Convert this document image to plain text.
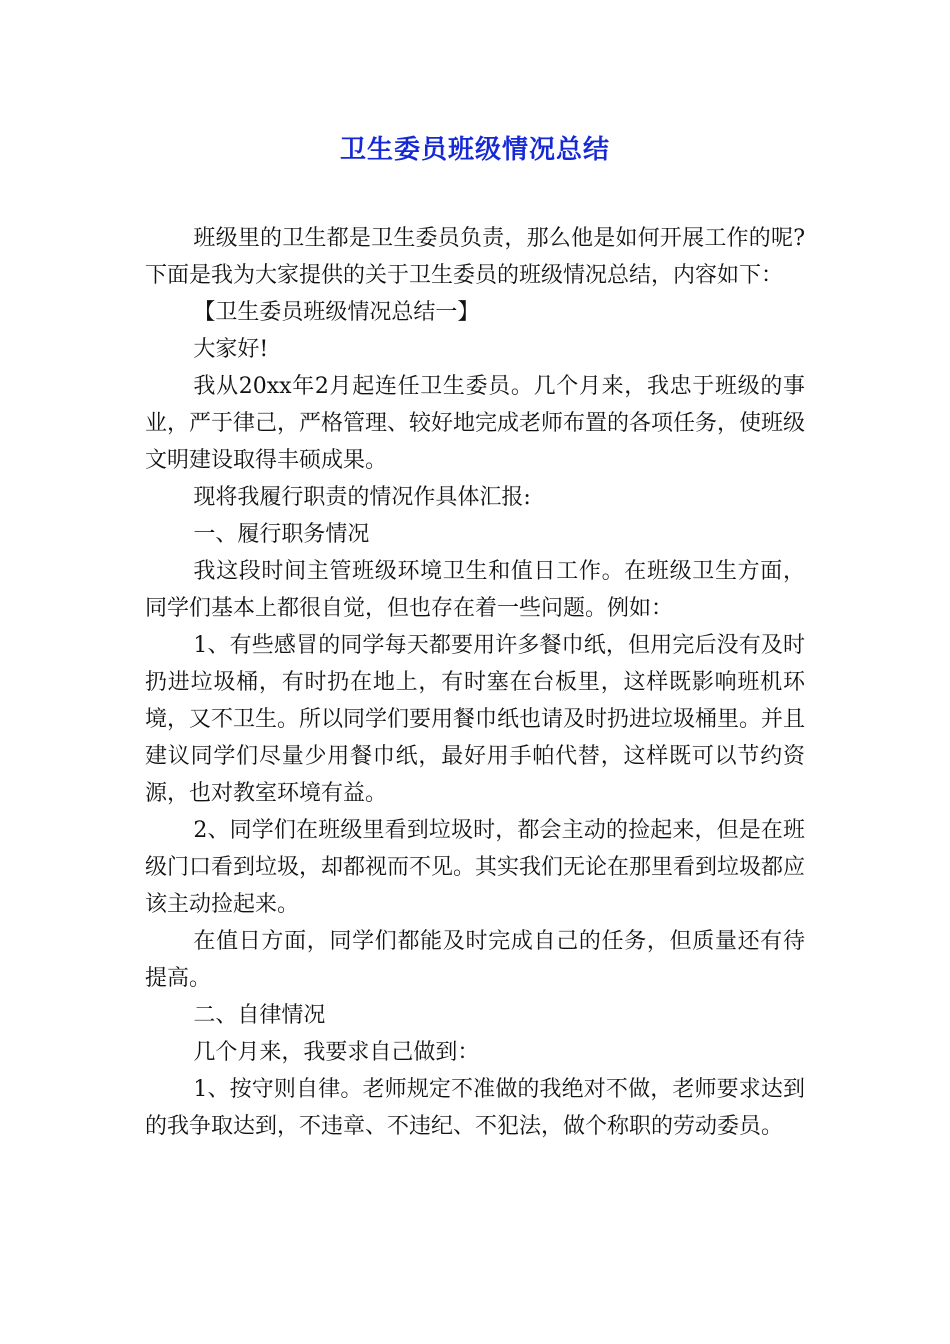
卫生委员班级情况总结

班级里的卫生都是卫生委员负责，那么他是如何开展工作的呢?下面是我为大家提供的关于卫生委员的班级情况总结，内容如下：

【卫生委员班级情况总结一】

大家好!

我从20xx年2月起连任卫生委员。几个月来，我忠于班级的事业，严于律己，严格管理、较好地完成老师布置的各项任务，使班级文明建设取得丰硕成果。

现将我履行职责的情况作具体汇报:

一、履行职务情况

我这段时间主管班级环境卫生和值日工作。在班级卫生方面，同学们基本上都很自觉，但也存在着一些问题。例如：

1、有些感冒的同学每天都要用许多餐巾纸，但用完后没有及时扔进垃圾桶，有时扔在地上，有时塞在台板里，这样既影响班机环境，又不卫生。所以同学们要用餐巾纸也请及时扔进垃圾桶里。并且建议同学们尽量少用餐巾纸，最好用手帕代替，这样既可以节约资源，也对教室环境有益。

2、同学们在班级里看到垃圾时，都会主动的捡起来，但是在班级门口看到垃圾，却都视而不见。其实我们无论在那里看到垃圾都应该主动捡起来。

在值日方面，同学们都能及时完成自己的任务，但质量还有待提高。

二、自律情况

几个月来，我要求自己做到：

1、按守则自律。老师规定不准做的我绝对不做，老师要求达到的我争取达到，不违章、不违纪、不犯法，做个称职的劳动委员。
